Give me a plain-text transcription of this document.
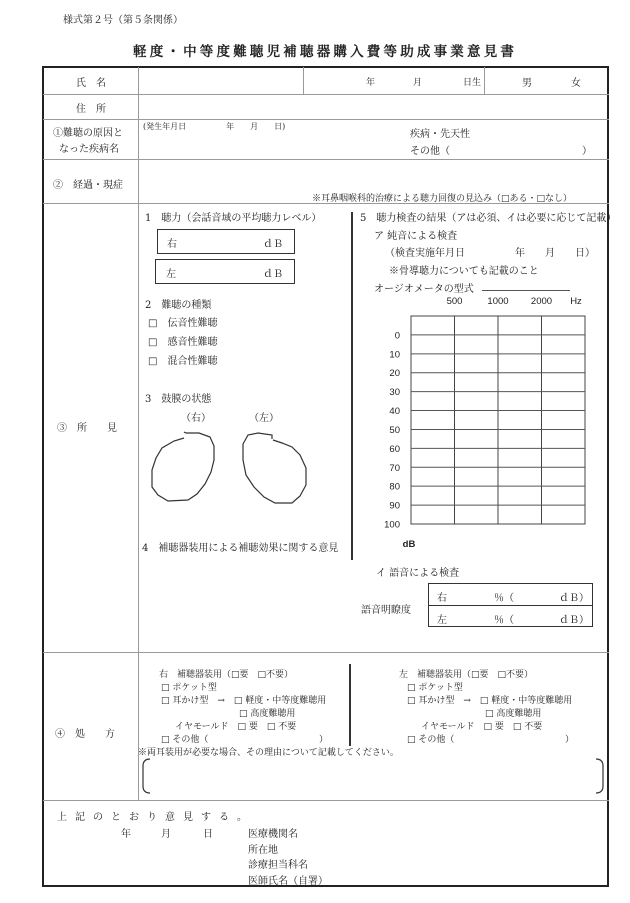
様式第２号（第５条関係）
軽度・中等度難聴児補聴器購入費等助成事業意見書
氏　名	年	月	日生	男	女
住　所
①難聴の原因と
なった疾病名
(発生年月日　　　　　年　　月　　日)
疾病・先天性
その他（	）
②　経過・現症
※耳鼻咽喉科的治療による聴力回復の見込み（□ある・□なし）
③　所　　見
1　聴力（会話音域の平均聴力レベル）
右	ｄＢ
左	ｄＢ
2　難聴の種類
□　伝音性難聴
□　感音性難聴
□　混合性難聴
3　鼓膜の状態
（右）	（左）
4　補聴器装用による補聴効果に関する意見
5　聴力検査の結果（アは必須、イは必要に応じて記載）
ア 純音による検査
（検査実施年月日　　　　　年　　月　　日）
※骨導聴力についても記載のこと
オージオメータの型式
500	1000 2000 Hz
0
10
20
30
40
50
60
70
80
90
100
dB
イ 語音による検査
語音明瞭度
右	％（	ｄＢ）
左	％（	ｄＢ）
④　処　　方
右　補聴器装用（□要　□不要）
□ ポケット型
□ 耳かけ型　→　□ 軽度・中等度難聴用
□ 高度難聴用
イヤモールド　□ 要　□ 不要
□ その他（	）
左　補聴器装用（□要　□不要）
□ ポケット型
□ 耳かけ型　→　□ 軽度・中等度難聴用
□ 高度難聴用
イヤモールド　□ 要　□ 不要
□ その他（	）
※両耳装用が必要な場合、その理由について記載してください。
上記のとおり意見する。
年	月	日	医療機関名
所在地
診療担当科名
医師氏名（自署）
